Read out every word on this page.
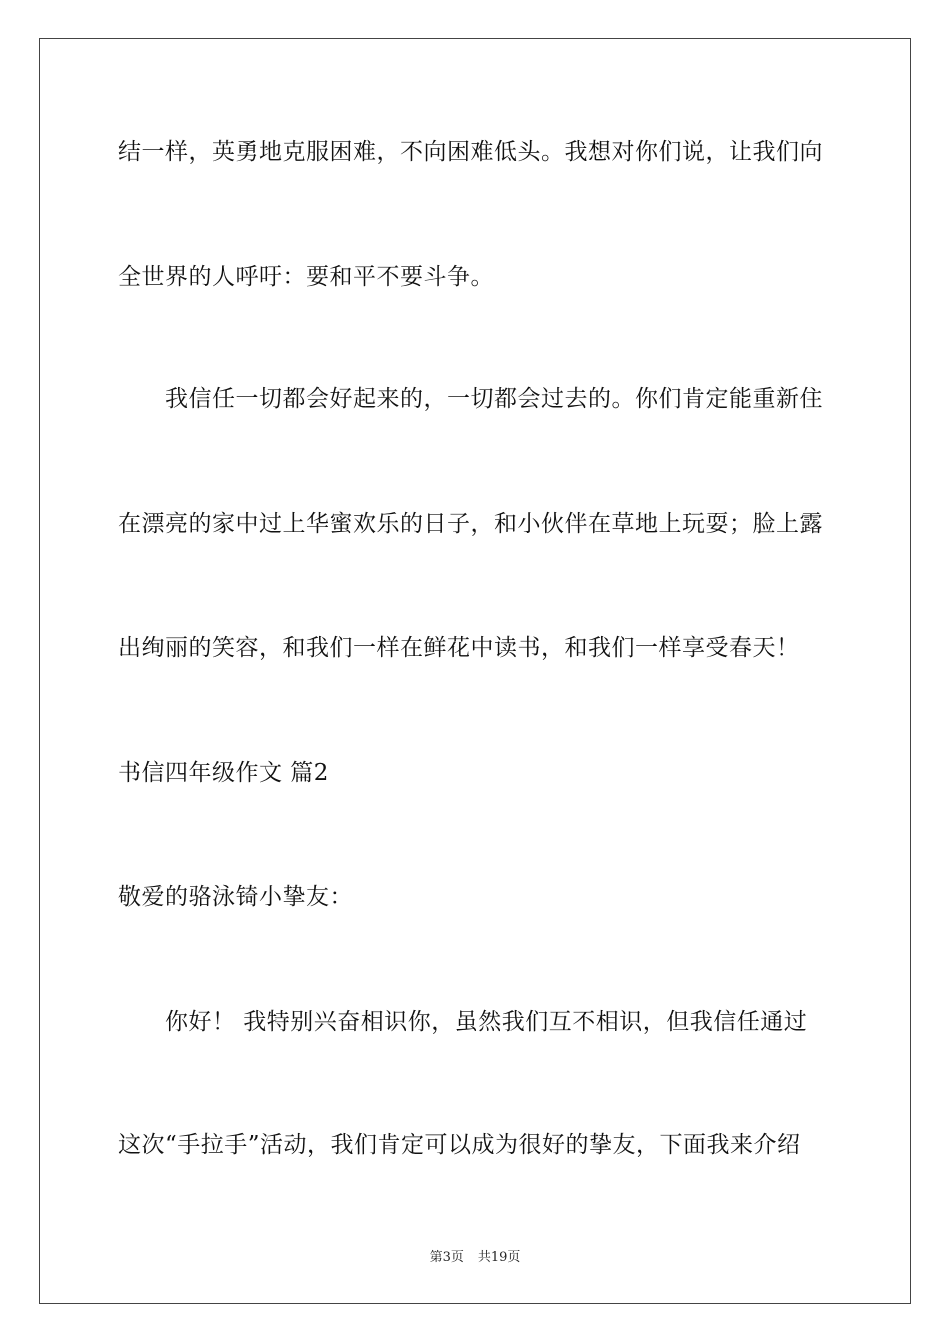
结一样，英勇地克服困难，不向困难低头。我想对你们说，让我们向
全世界的人呼吁：要和平不要斗争。
我信任一切都会好起来的，一切都会过去的。你们肯定能重新住
在漂亮的家中过上华蜜欢乐的日子，和小伙伴在草地上玩耍；脸上露
出绚丽的笑容，和我们一样在鲜花中读书，和我们一样享受春天！
书信四年级作文 篇2
敬爱的骆泳锜小挚友：
你好！ 我特别兴奋相识你，虽然我们互不相识，但我信任通过
这次“手拉手”活动，我们肯定可以成为很好的挚友，下面我来介绍
第3页 共19页
